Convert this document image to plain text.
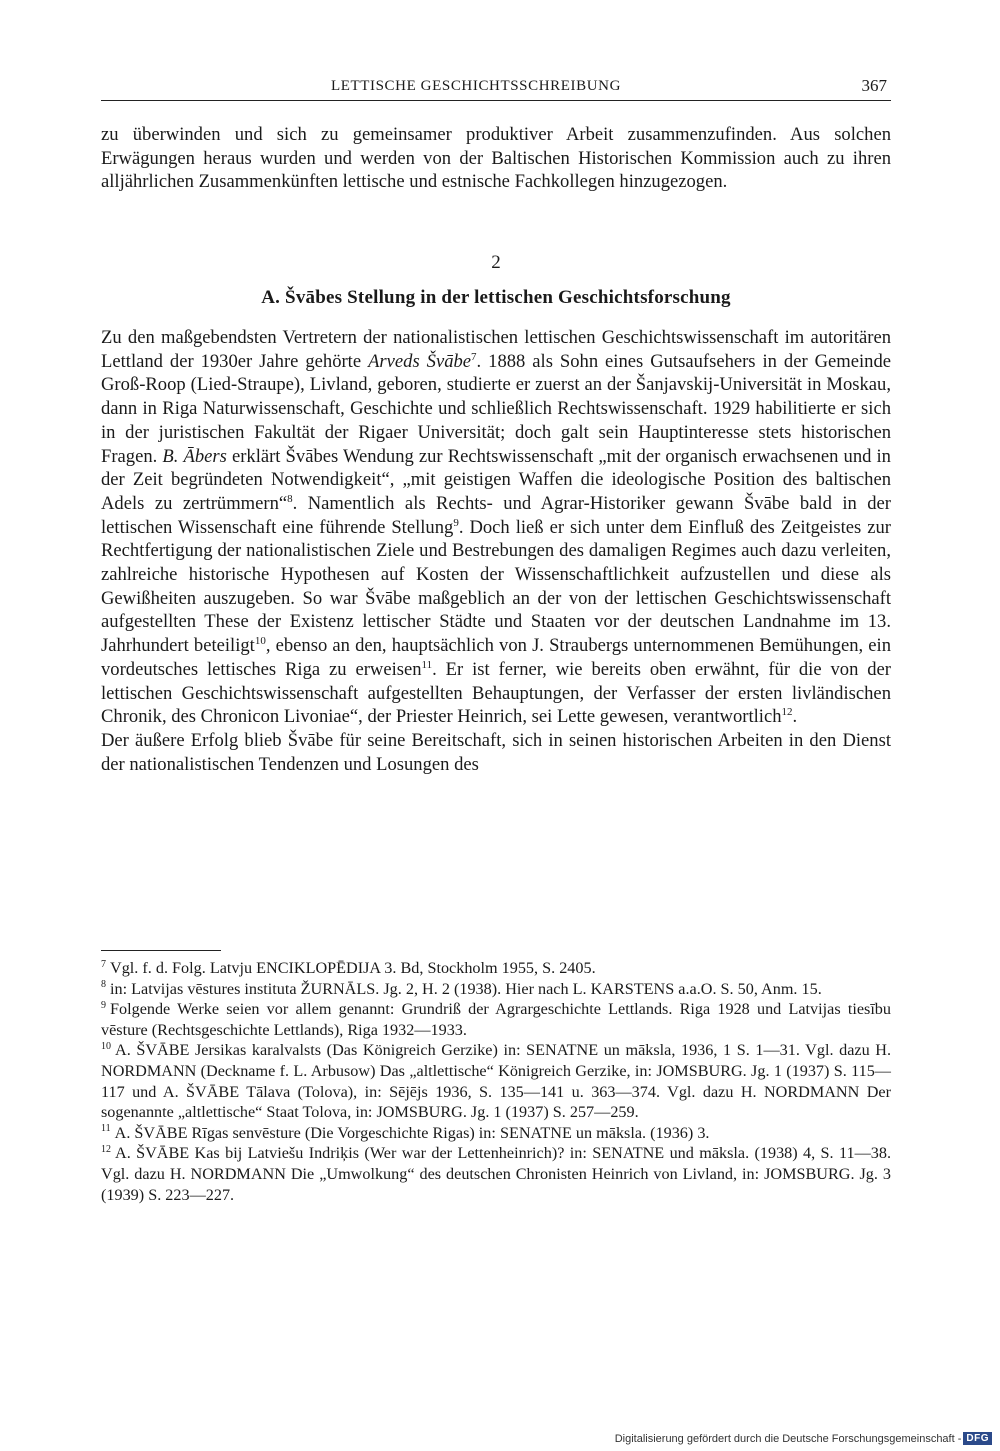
LETTISCHE GESCHICHTSSCHREIBUNG	367

zu überwinden und sich zu gemeinsamer produktiver Arbeit zusammenzufinden. Aus solchen Erwägungen heraus wurden und werden von der Baltischen Historischen Kommission auch zu ihren alljährlichen Zusammenkünften lettische und estnische Fachkollegen hinzugezogen.

2
A. Švābes Stellung in der lettischen Geschichtsforschung

Zu den maßgebendsten Vertretern der nationalistischen lettischen Geschichtswissenschaft im autoritären Lettland der 1930er Jahre gehörte Arveds Švābe$^7$. 1888 als Sohn eines Gutsaufsehers in der Gemeinde Groß-Roop (Lied-Straupe), Livland, geboren, studierte er zuerst an der Šanjavskij-Universität in Moskau, dann in Riga Naturwissenschaft, Geschichte und schließlich Rechtswissenschaft. 1929 habilitierte er sich in der juristischen Fakultät der Rigaer Universität; doch galt sein Hauptinteresse stets historischen Fragen. B. Ābers erklärt Švābes Wendung zur Rechtswissenschaft „mit der organisch erwachsenen und in der Zeit begründeten Notwendigkeit“, „mit geistigen Waffen die ideologische Position des baltischen Adels zu zertrümmern“$^8$. Namentlich als Rechts- und Agrar-Historiker gewann Švābe bald in der lettischen Wissenschaft eine führende Stellung$^9$. Doch ließ er sich unter dem Einfluß des Zeitgeistes zur Rechtfertigung der nationalistischen Ziele und Bestrebungen des damaligen Regimes auch dazu verleiten, zahlreiche historische Hypothesen auf Kosten der Wissenschaftlichkeit aufzustellen und diese als Gewißheiten auszugeben. So war Švābe maßgeblich an der von der lettischen Geschichtswissenschaft aufgestellten These der Existenz lettischer Städte und Staaten vor der deutschen Landnahme im 13. Jahrhundert beteiligt$^{10}$, ebenso an den, hauptsächlich von J. Straubergs unternommenen Bemühungen, ein vordeutsches lettisches Riga zu erweisen$^{11}$. Er ist ferner, wie bereits oben erwähnt, für die von der lettischen Geschichtswissenschaft aufgestellten Behauptungen, der Verfasser der ersten livländischen Chronik, des Chronicon Livoniae“, der Priester Heinrich, sei Lette gewesen, verantwortlich$^{12}$.

Der äußere Erfolg blieb Švābe für seine Bereitschaft, sich in seinen historischen Arbeiten in den Dienst der nationalistischen Tendenzen und Losungen des

$^7$ Vgl. f. d. Folg. Latvju ENCIKLOPĒDIJA 3. Bd, Stockholm 1955, S. 2405.

$^8$ in: Latvijas vēstures instituta ŽURNĀLS. Jg. 2, H. 2 (1938). Hier nach L. KARSTENS a.a.O. S. 50, Anm. 15.

$^9$ Folgende Werke seien vor allem genannt: Grundriß der Agrargeschichte Lettlands. Riga 1928 und Latvijas tiesību vēsture (Rechtsgeschichte Lettlands), Riga 1932—1933.

$^{10}$ A. ŠVĀBE Jersikas karalvalsts (Das Königreich Gerzike) in: SENATNE un māksla, 1936, 1 S. 1—31. Vgl. dazu H. NORDMANN (Deckname f. L. Arbusow) Das „altlettische“ Königreich Gerzike, in: JOMSBURG. Jg. 1 (1937) S. 115—117 und A. ŠVĀBE Tālava (Tolova), in: Sējējs 1936, S. 135—141 u. 363—374. Vgl. dazu H. NORDMANN Der sogenannte „altlettische“ Staat Tolova, in: JOMSBURG. Jg. 1 (1937) S. 257—259.

$^{11}$ A. ŠVĀBE Rīgas senvēsture (Die Vorgeschichte Rigas) in: SENATNE un māksla. (1936) 3.

$^{12}$ A. ŠVĀBE Kas bij Latviešu Indriķis (Wer war der Lettenheinrich)? in: SENATNE und māksla. (1938) 4, S. 11—38. Vgl. dazu H. NORDMANN Die „Umwolkung“ des deutschen Chronisten Heinrich von Livland, in: JOMSBURG. Jg. 3 (1939) S. 223—227.

Digitalisierung gefördert durch die Deutsche Forschungsgemeinschaft - DFG
